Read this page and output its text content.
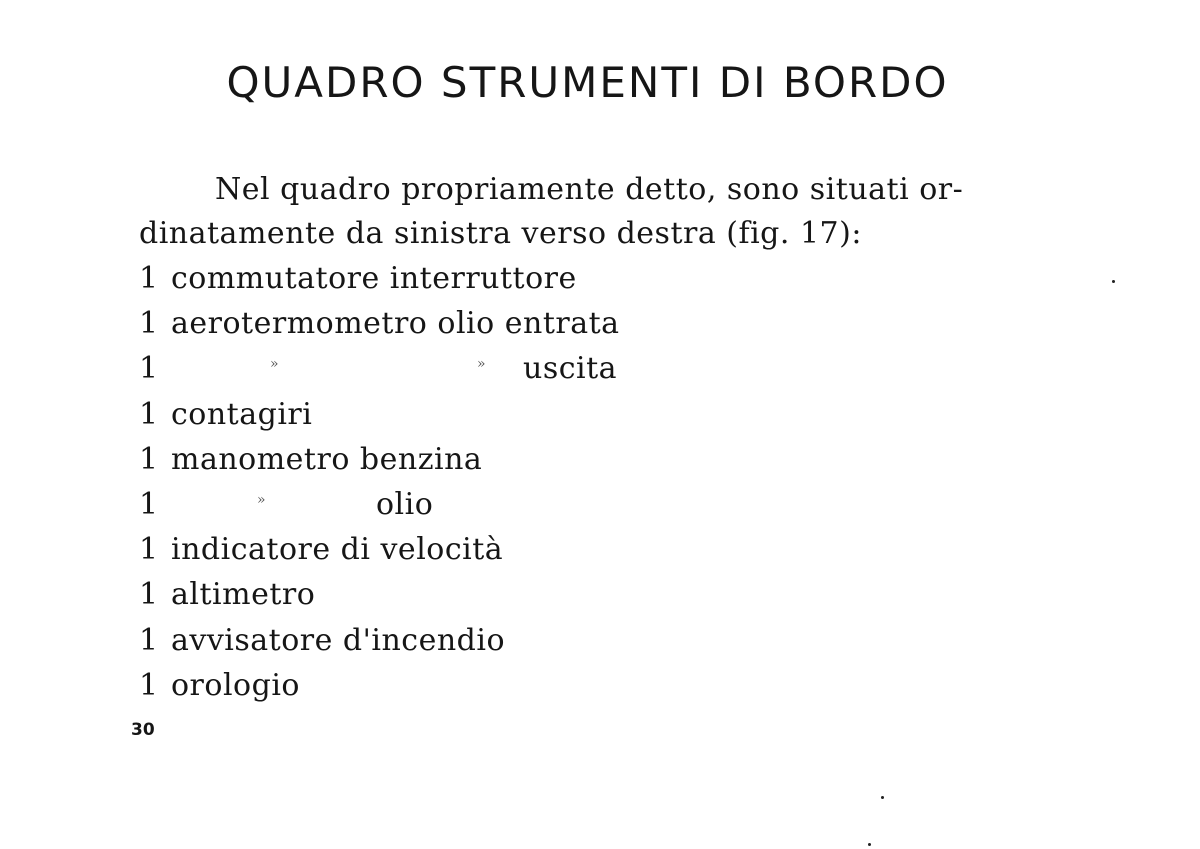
QUADRO STRUMENTI DI BORDO
Nel quadro propriamente detto, sono situati or-
dinatamente da sinistra verso destra (fig. 17):
1 commutatore interruttore
1 aerotermometro olio entrata
1	»	» uscita
1 contagiri
1 manometro benzina
1	»	olio
1 indicatore di velocità
1 altimetro
1 avvisatore d'incendio
1 orologio
30
